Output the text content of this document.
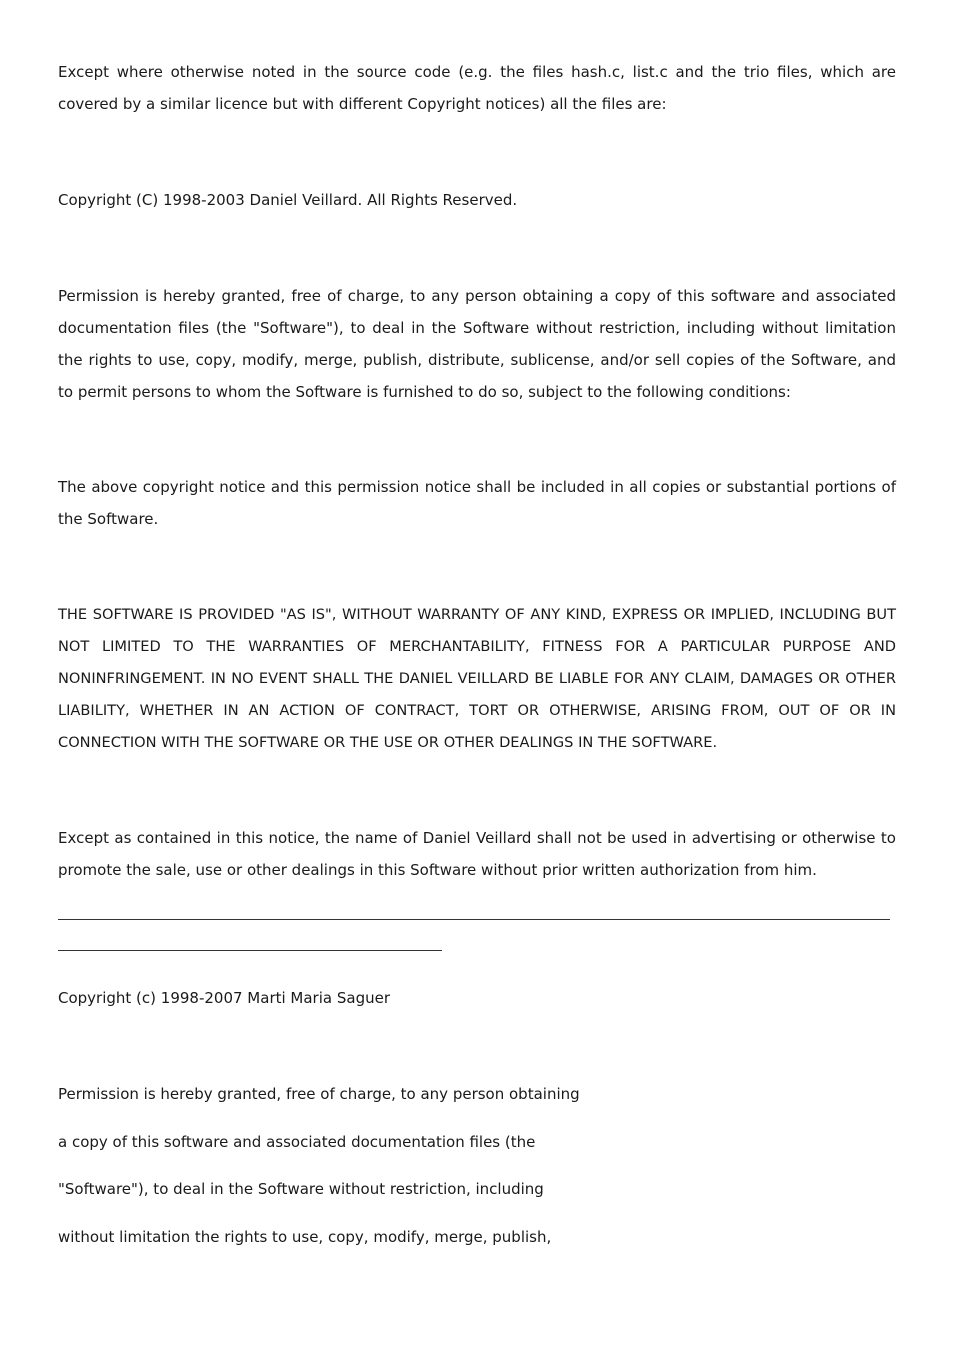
Except where otherwise noted in the source code (e.g. the files hash.c, list.c and the trio files, which are covered by a similar licence but with different Copyright notices) all the files are:

Copyright (C) 1998-2003 Daniel Veillard. All Rights Reserved.

Permission is hereby granted, free of charge, to any person obtaining a copy of this software and associated documentation files (the "Software"), to deal in the Software without restriction, including without limitation the rights to use, copy, modify, merge, publish, distribute, sublicense, and/or sell copies of the Software, and to permit persons to whom the Software is furnished to do so, subject to the following conditions:

The above copyright notice and this permission notice shall be included in all copies or substantial portions of the Software.

THE SOFTWARE IS PROVIDED "AS IS", WITHOUT WARRANTY OF ANY KIND, EXPRESS OR IMPLIED, INCLUDING BUT NOT LIMITED TO THE WARRANTIES OF MERCHANTABILITY, FITNESS FOR A PARTICULAR PURPOSE AND NONINFRINGEMENT. IN NO EVENT SHALL THE DANIEL VEILLARD BE LIABLE FOR ANY CLAIM, DAMAGES OR OTHER LIABILITY, WHETHER IN AN ACTION OF CONTRACT, TORT OR OTHERWISE, ARISING FROM, OUT OF OR IN CONNECTION WITH THE SOFTWARE OR THE USE OR OTHER DEALINGS IN THE SOFTWARE.

Except as contained in this notice, the name of Daniel Veillard shall not be used in advertising or otherwise to promote the sale, use or other dealings in this Software without prior written authorization from him.

Copyright (c) 1998-2007 Marti Maria Saguer

Permission is hereby granted, free of charge, to any person obtaining

a copy of this software and associated documentation files (the

"Software"), to deal in the Software without restriction, including

without limitation the rights to use, copy, modify, merge, publish,
